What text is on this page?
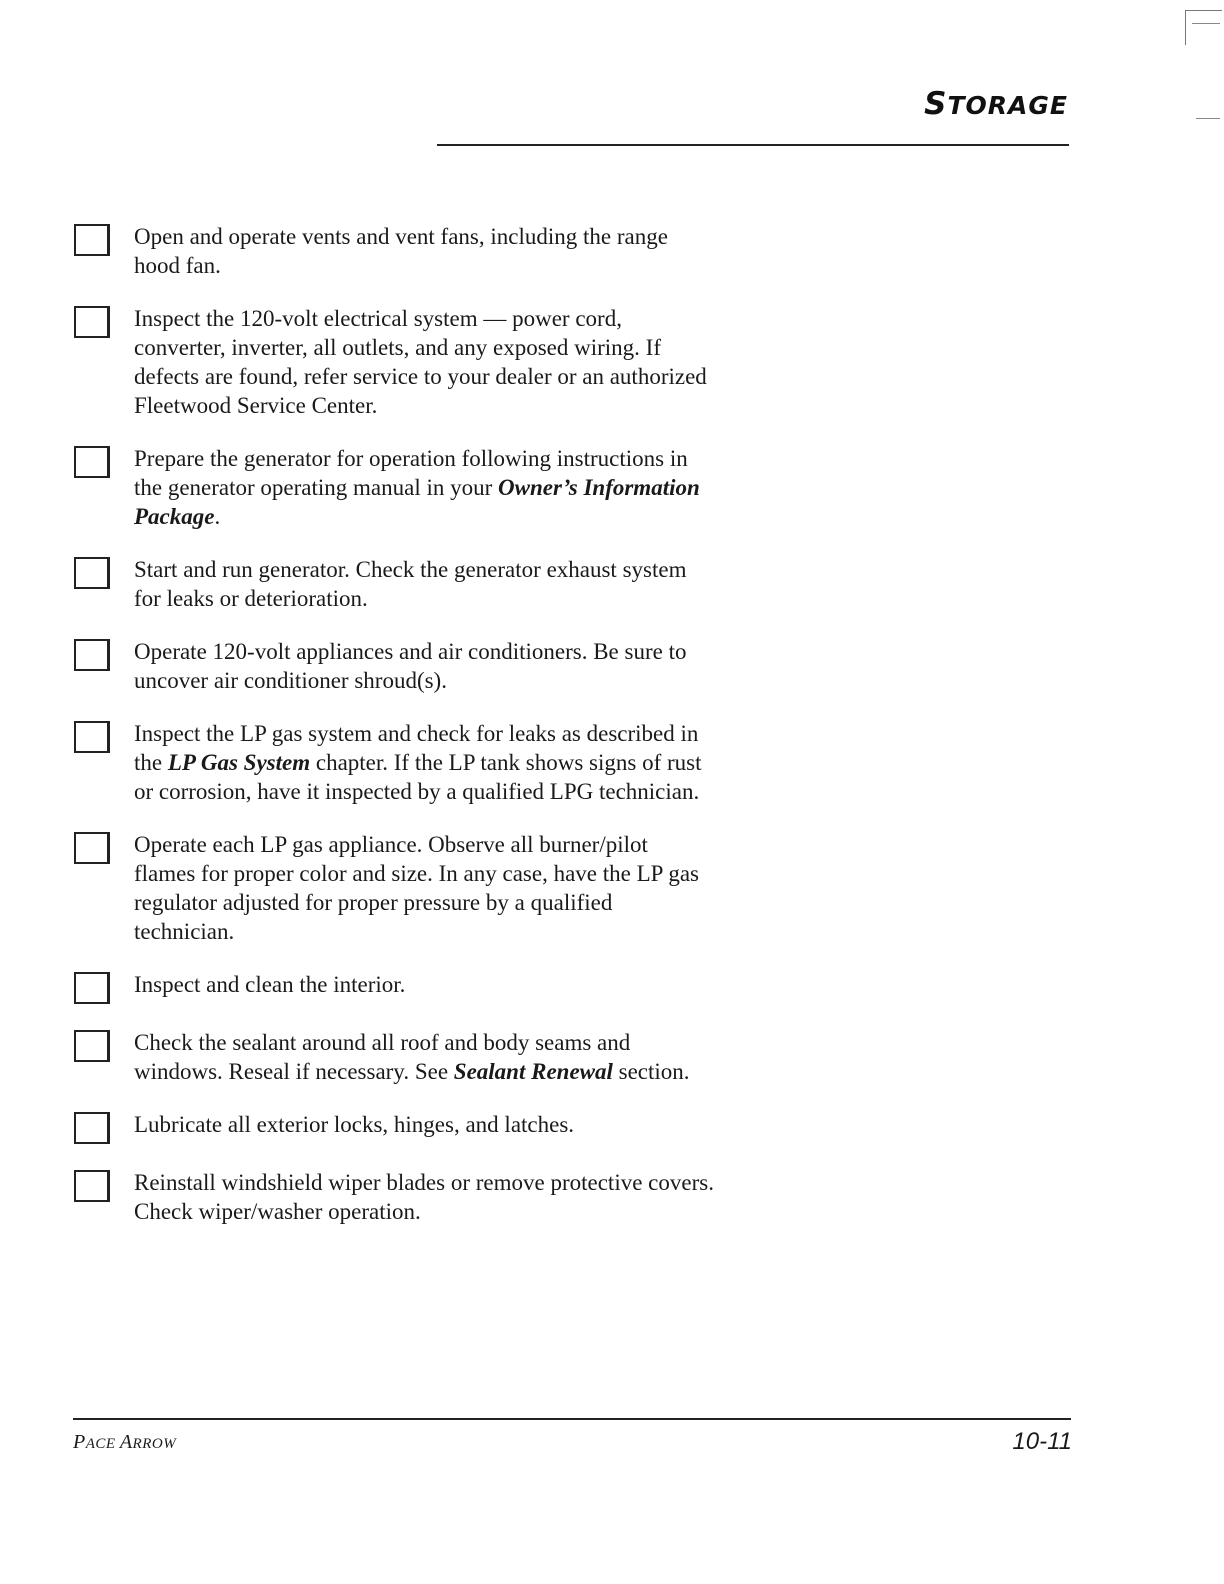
STORAGE
Open and operate vents and vent fans, including the range hood fan.
Inspect the 120-volt electrical system — power cord, converter, inverter, all outlets, and any exposed wiring. If defects are found, refer service to your dealer or an authorized Fleetwood Service Center.
Prepare the generator for operation following instructions in the generator operating manual in your Owner’s Information Package.
Start and run generator. Check the generator exhaust system for leaks or deterioration.
Operate 120-volt appliances and air conditioners. Be sure to uncover air conditioner shroud(s).
Inspect the LP gas system and check for leaks as described in the LP Gas System chapter. If the LP tank shows signs of rust or corrosion, have it inspected by a qualified LPG technician.
Operate each LP gas appliance. Observe all burner/pilot flames for proper color and size. In any case, have the LP gas regulator adjusted for proper pressure by a qualified technician.
Inspect and clean the interior.
Check the sealant around all roof and body seams and windows. Reseal if necessary. See Sealant Renewal section.
Lubricate all exterior locks, hinges, and latches.
Reinstall windshield wiper blades or remove protective covers. Check wiper/washer operation.
PACE ARROW	10-11
